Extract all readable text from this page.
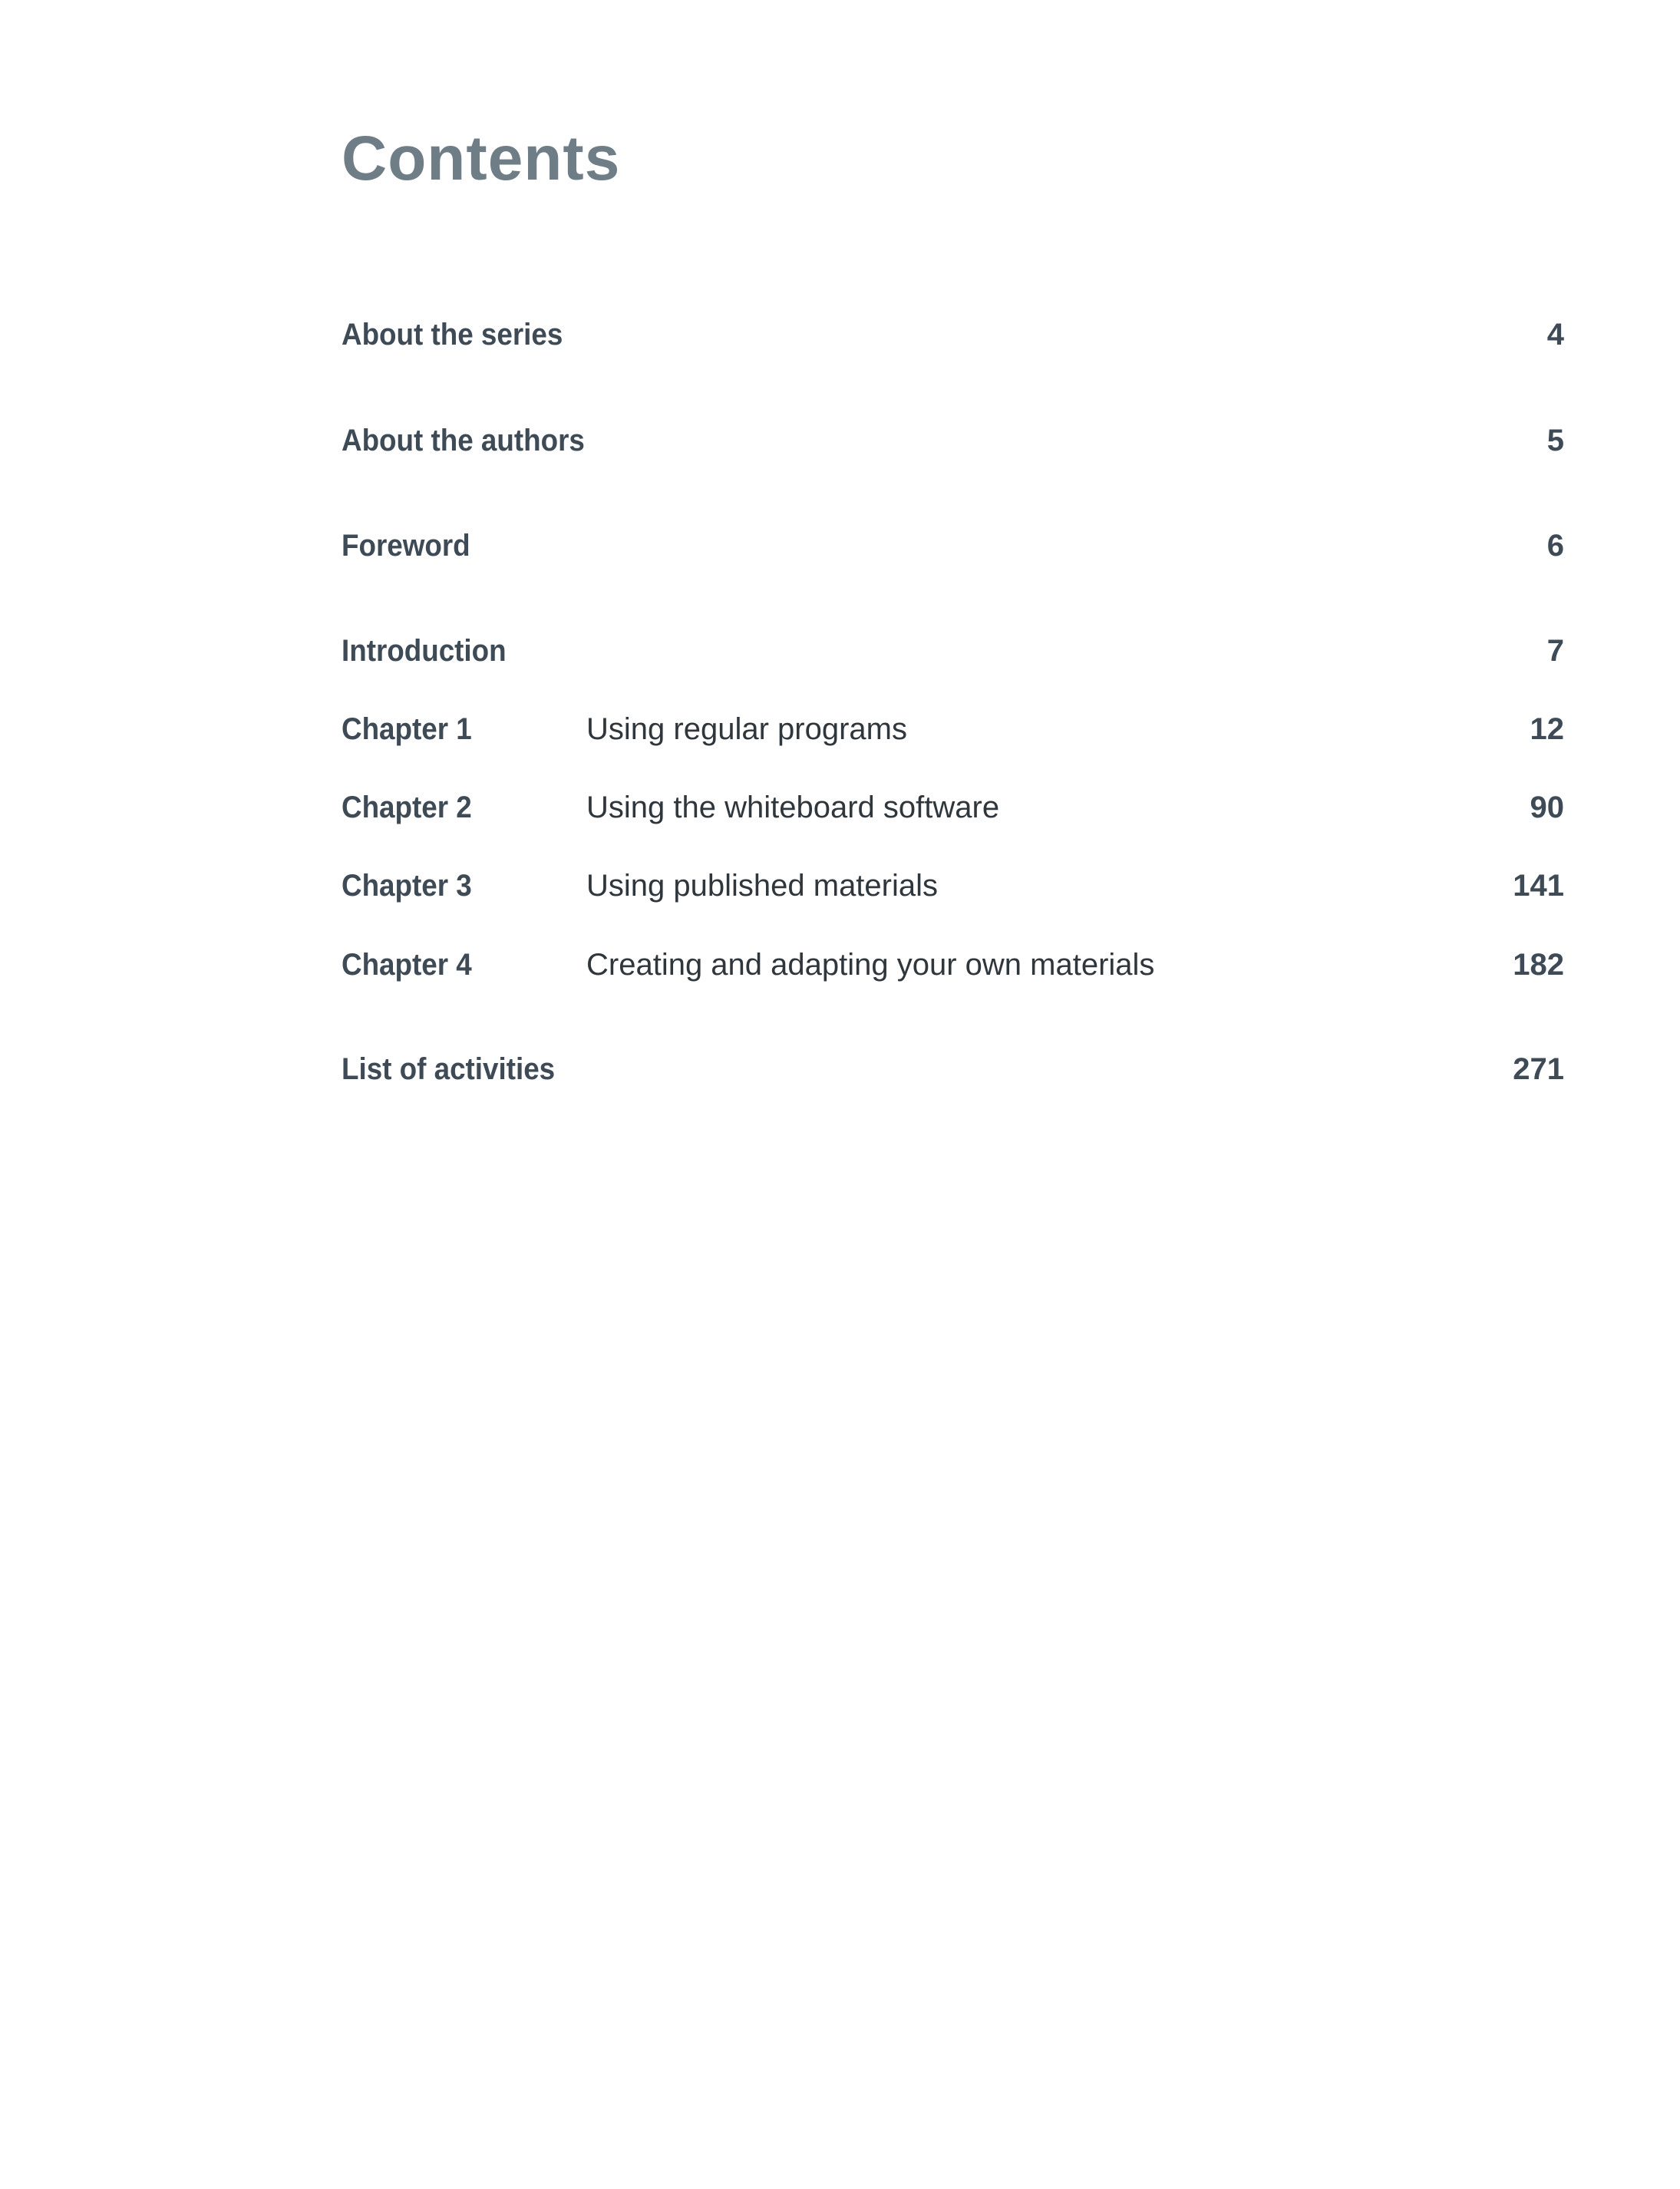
Contents
About the series	4
About the authors	5
Foreword	6
Introduction	7
Chapter 1	Using regular programs	12
Chapter 2	Using the whiteboard software	90
Chapter 3	Using published materials	141
Chapter 4	Creating and adapting your own materials	182
List of activities	271
